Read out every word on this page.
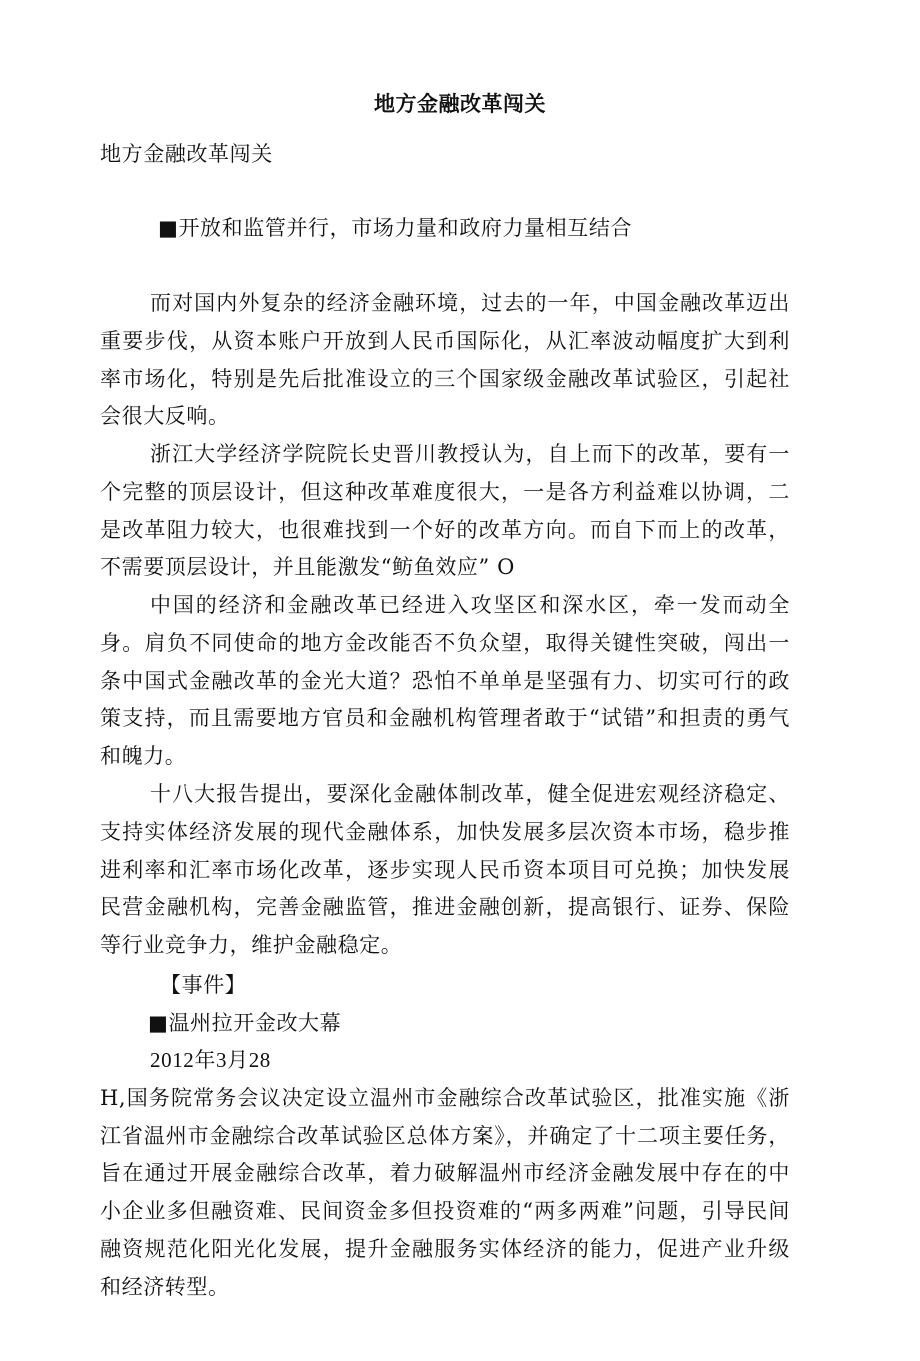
地方金融改革闯关
地方金融改革闯关
■开放和监管并行，市场力量和政府力量相互结合
而对国内外复杂的经济金融环境，过去的一年，中国金融改革迈出重要步伐，从资本账户开放到人民币国际化，从汇率波动幅度扩大到利率市场化，特别是先后批准设立的三个国家级金融改革试验区，引起社会很大反响。
浙江大学经济学院院长史晋川教授认为，自上而下的改革，要有一个完整的顶层设计，但这种改革难度很大，一是各方利益难以协调，二是改革阻力较大，也很难找到一个好的改革方向。而自下而上的改革，不需要顶层设计，并且能激发“鲂鱼效应” O
中国的经济和金融改革已经进入攻坚区和深水区，牵一发而动全身。肩负不同使命的地方金改能否不负众望，取得关键性突破，闯出一条中国式金融改革的金光大道？恐怕不单单是坚强有力、切实可行的政策支持，而且需要地方官员和金融机构管理者敢于“试错”和担责的勇气和魄力。
十八大报告提出，要深化金融体制改革，健全促进宏观经济稳定、支持实体经济发展的现代金融体系，加快发展多层次资本市场，稳步推进利率和汇率市场化改革，逐步实现人民币资本项目可兑换；加快发展民营金融机构，完善金融监管，推进金融创新，提高银行、证券、保险等行业竞争力，维护金融稳定。
【事件】
■温州拉开金改大幕
2012年3月28H,国务院常务会议决定设立温州市金融综合改革试验区，批准实施《浙江省温州市金融综合改革试验区总体方案》，并确定了十二项主要任务，旨在通过开展金融综合改革，着力破解温州市经济金融发展中存在的中小企业多但融资难、民间资金多但投资难的“两多两难”问题，引导民间融资规范化阳光化发展，提升金融服务实体经济的能力，促进产业升级和经济转型。
